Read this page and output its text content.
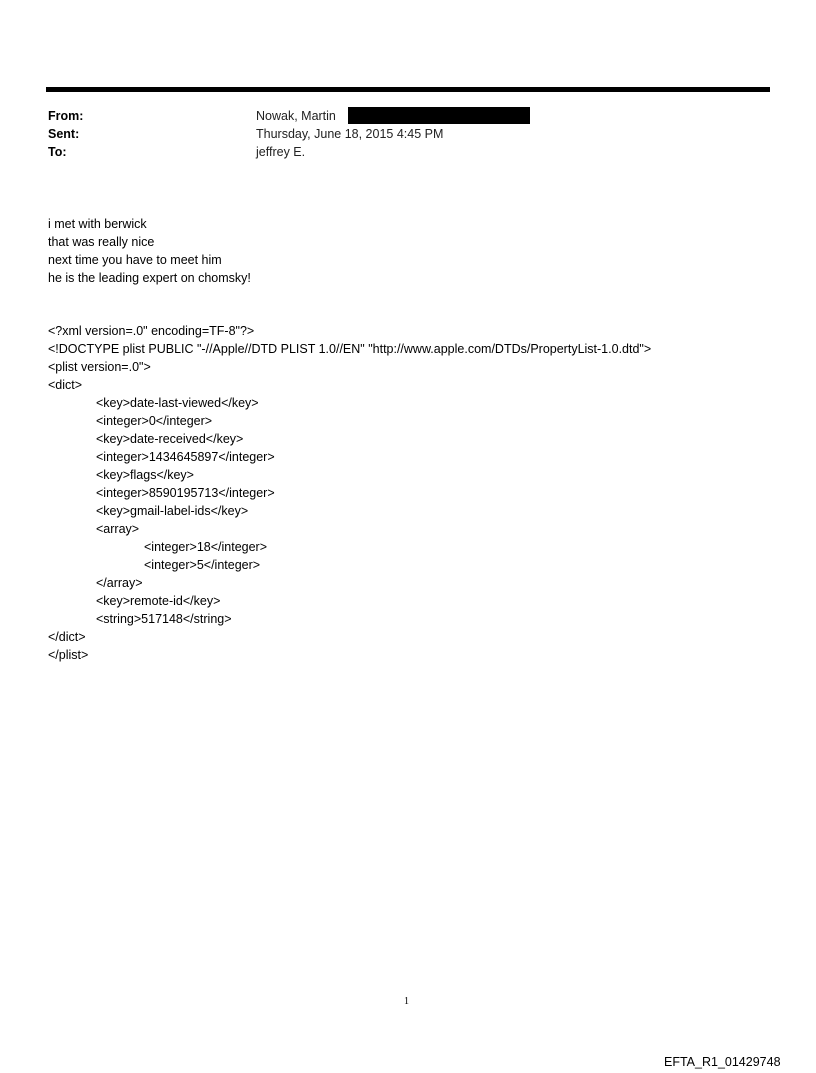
From:	Nowak, Martin
Sent:	Thursday, June 18, 2015 4:45 PM
To:	jeffrey E.
i met with berwick
that was really nice
next time you have to meet him
he is the leading expert on chomsky!
<?xml version=.0" encoding=TF-8"?>
<!DOCTYPE plist PUBLIC "-//Apple//DTD PLIST 1.0//EN" "http://www.apple.com/DTDs/PropertyList-1.0.dtd">
<plist version=.0">
<dict>
<key>date-last-viewed</key>
<integer>0</integer>
<key>date-received</key>
<integer>1434645897</integer>
<key>flags</key>
<integer>8590195713</integer>
<key>gmail-label-ids</key>
<array>
<integer>18</integer>
<integer>5</integer>
</array>
<key>remote-id</key>
<string>517148</string>
</dict>
</plist>
1
EFTA_R1_01429748
